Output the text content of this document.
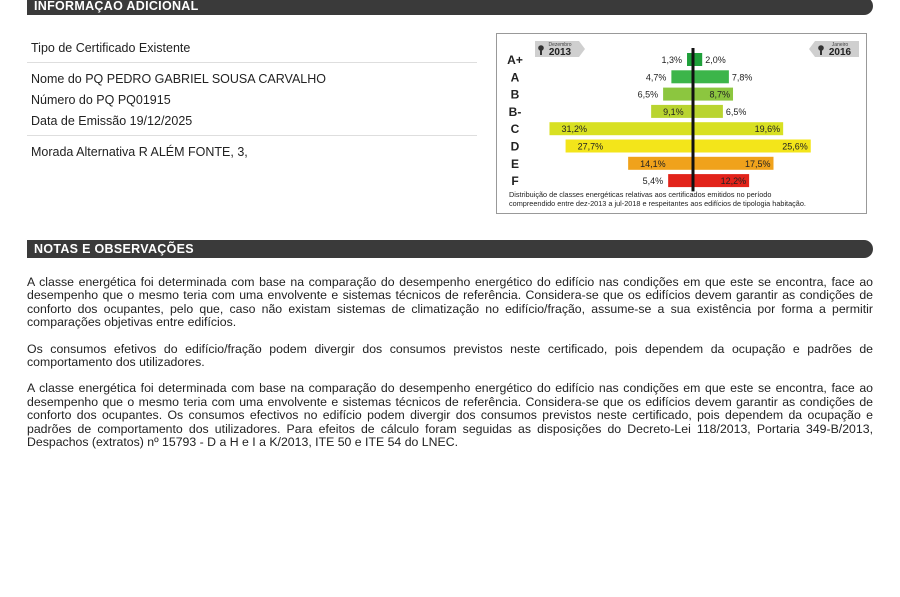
INFORMAÇÃO ADICIONAL
Tipo de Certificado Existente
Nome do PQ PEDRO GABRIEL SOUSA CARVALHO
Número do PQ PQ01915
Data de Emissão 19/12/2025
Morada Alternativa R ALÉM FONTE, 3,
Dezembro
2013
Janeiro
2016
A+	1,3%	2,0%
A	4,7%	7,8%
B	6,5%	8,7%
B-	9,1%	6,5%
C	31,2%	19,6%
D	27,7%	25,6%
E	14,1%	17,5%
F	5,4%	12,2%
Distribuição de classes energéticas relativas aos certificados emitidos no período
compreendido entre dez-2013 a jul-2018 e respeitantes aos edifícios de tipologia habitação.
NOTAS E OBSERVAÇÕES

A classe energética foi determinada com base na comparação do desempenho energético do edifício nas condições em que este se encontra, face ao desempenho que o mesmo teria com uma envolvente e sistemas técnicos de referência. Considera-se que os edifícios devem garantir as condições de conforto dos ocupantes, pelo que, caso não existam sistemas de climatização no edifício/fração, assume-se a sua existência por forma a permitir comparações objetivas entre edifícios.

Os consumos efetivos do edifício/fração podem divergir dos consumos previstos neste certificado, pois dependem da ocupação e padrões de comportamento dos utilizadores.

A classe energética foi determinada com base na comparação do desempenho energético do edifício nas condições em que este se encontra, face ao desempenho que o mesmo teria com uma envolvente e sistemas técnicos de referência. Considera-se que os edifícios devem garantir as condições de conforto dos ocupantes. Os consumos efectivos no edifício podem divergir dos consumos previstos neste certificado, pois dependem da ocupação e padrões de comportamento dos utilizadores. Para efeitos de cálculo foram seguidas as disposições do Decreto-Lei 118/2013, Portaria 349-B/2013, Despachos (extratos) nº 15793 - D a H e I a K/2013, ITE 50 e ITE 54 do LNEC.
